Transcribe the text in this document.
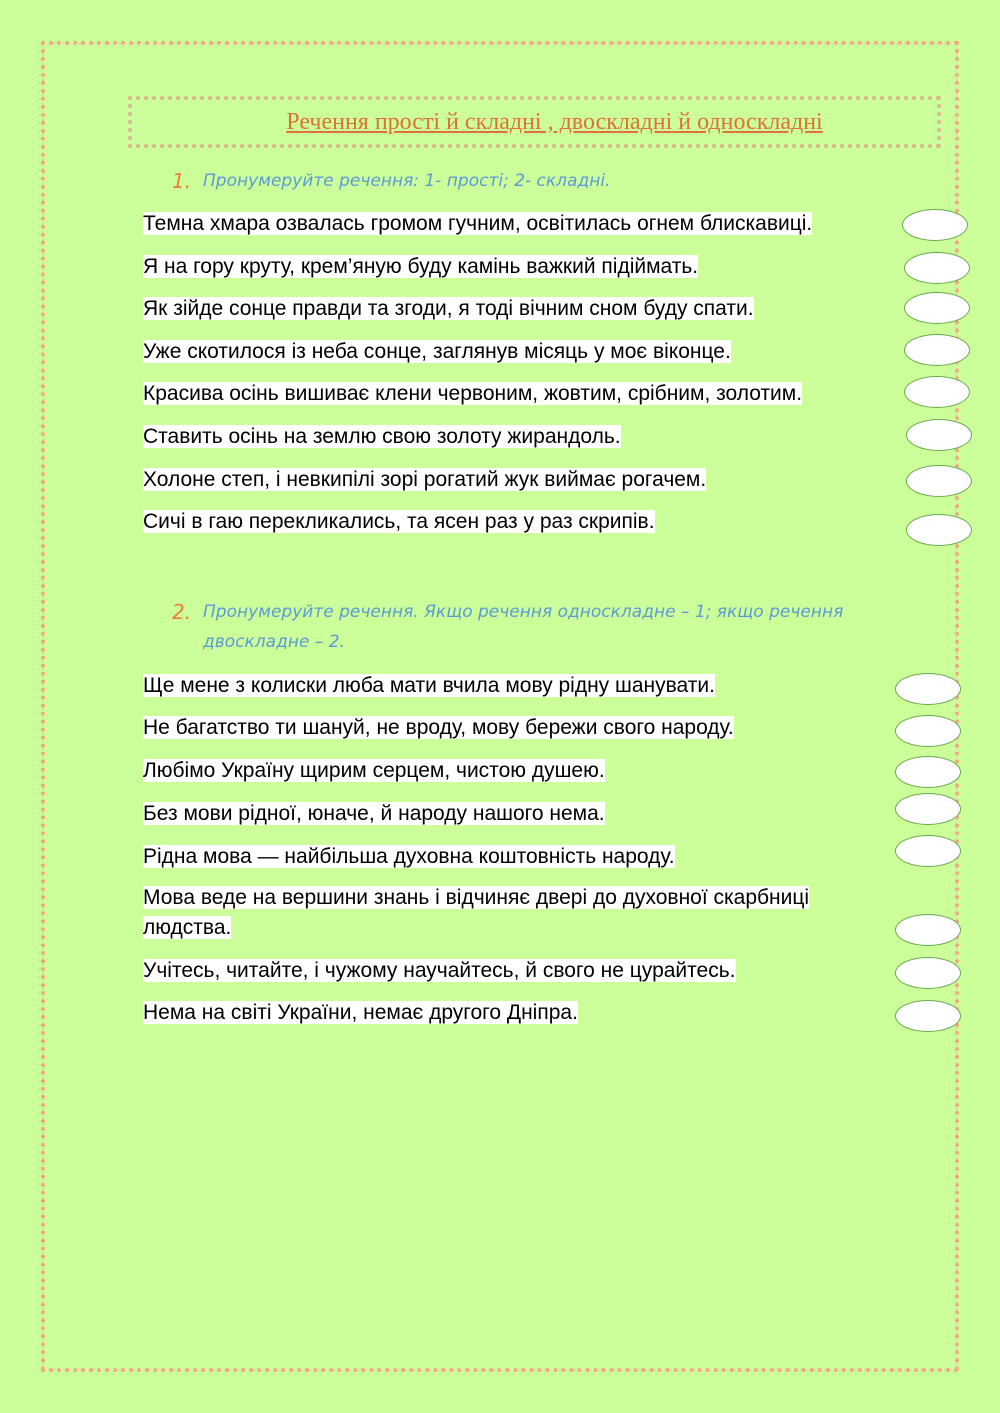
Речення прості й складні , двоскладні й односкладні
1. Пронумеруйте речення: 1- прості; 2- складні.
Темна хмара озвалась громом гучним, освітилась огнем блискавиці.
Я на гору круту, крем’яную буду камінь важкий підіймать.
Як зійде сонце правди та згоди, я тоді вічним сном буду спати.
Уже скотилося із неба сонце, заглянув місяць у моє віконце.
Красива осінь вишиває клени червоним, жовтим, срібним, золотим.
Ставить осінь на землю свою золоту жирандоль.
Холоне степ, і невкипілі зорі рогатий жук виймає рогачем.
Сичі в гаю перекликались, та ясен раз у раз скрипів.
2. Пронумеруйте речення. Якщо речення односкладне – 1; якщо речення двоскладне – 2.
Ще мене з колиски люба мати вчила мову рідну шанувати.
Не багатство ти шануй, не вроду, мову бережи свого народу.
Любімо Україну щирим серцем, чистою душею.
Без мови рідної, юначе, й народу нашого нема.
Рідна мова — найбільша духовна коштовність народу.
Мова веде на вершини знань і відчиняє двері до духовної скарбниці людства.
Учітесь, читайте, і чужому научайтесь, й свого не цурайтесь.
Нема на світі України, немає другого Дніпра.
